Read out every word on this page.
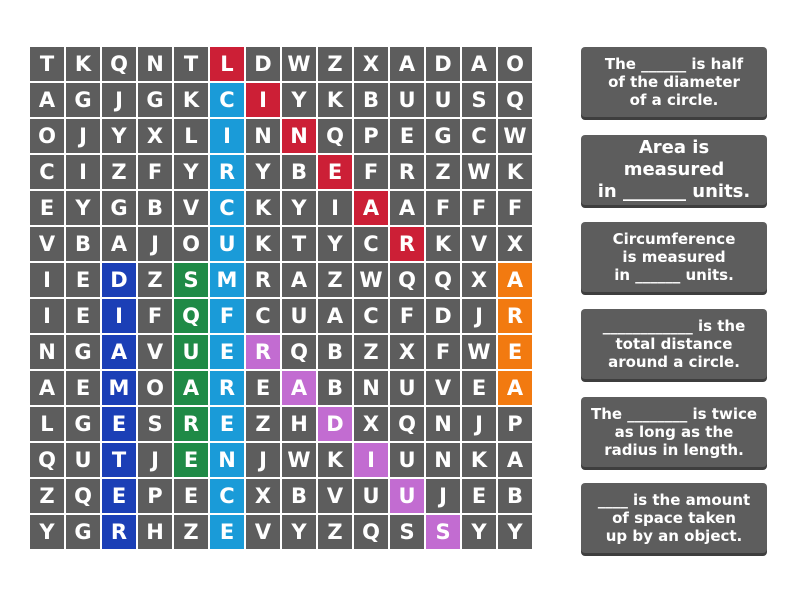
T K Q N T	L D W Z X A D A O
A G	J	G K C	I	Y K B U U S Q
O	J	Y X	L	I	N N Q P	E G C W
C	I	Z	F	Y R Y B E	F R Z W K
E	Y G B V C K Y	I	A A F	F	F
V B A	J	O U K T	Y C R K V X
I	E D Z S M R A Z W Q Q X A
I	E	I	F Q F	C U A C	F D	J	R
N G A V U E R Q B Z X F W E
A E M O A R E A B N U V E A
L G E	S R E	Z H D X Q N	J	P
Q U T	J	E N	J W K	I	U N K A
Z Q E	P	E	C X B V U U	J	E B
Y G R H Z	E V Y Z Q S S Y Y
The ______ is half
of the diameter
of a circle.
Area is measured
in _______ units.
Circumference
is measured
in ______ units.
____________ is the
total distance
around a circle.
The ________ is twice
as long as the
radius in length.
____ is the amount
of space taken
up by an object.
